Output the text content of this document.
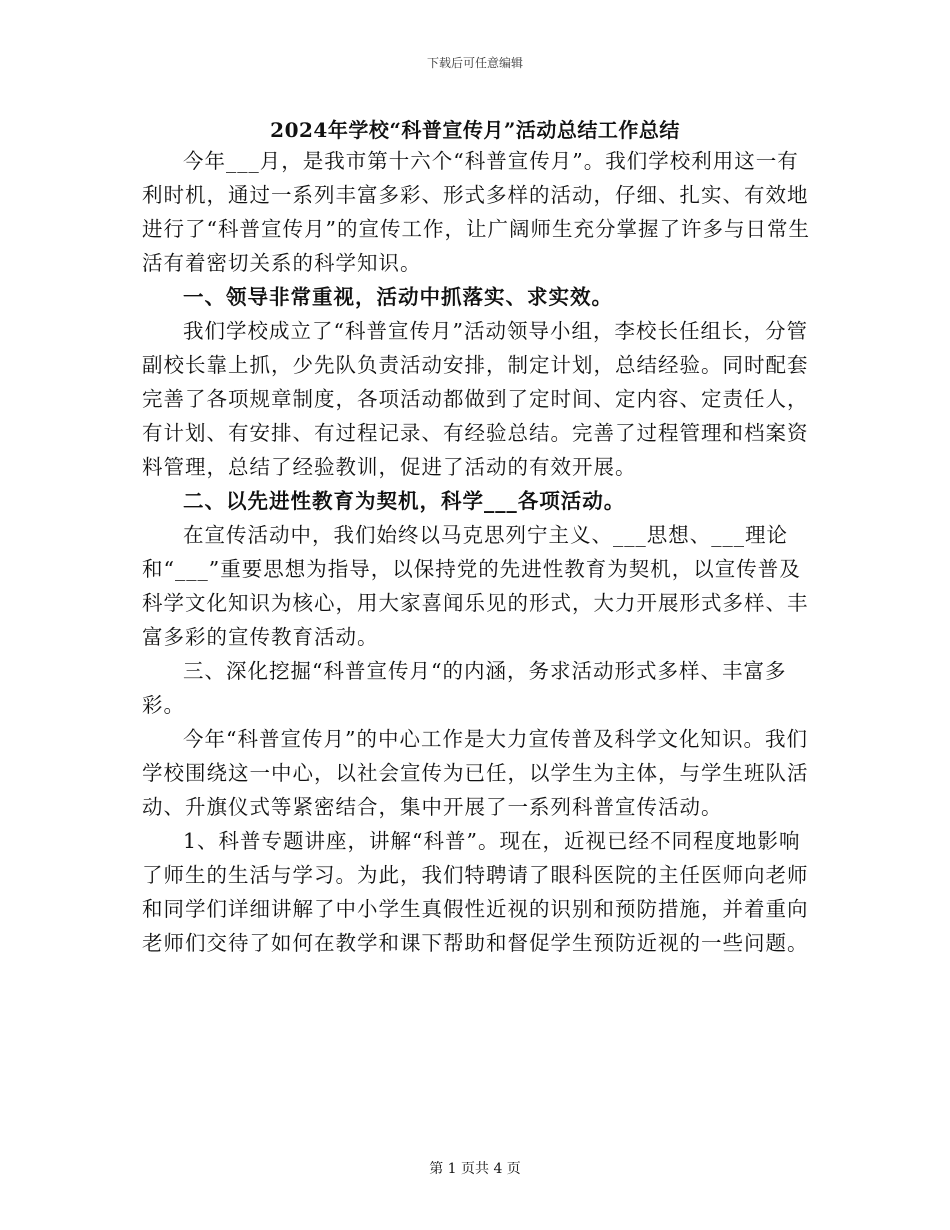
下载后可任意编辑
2024年学校“科普宣传月”活动总结工作总结

今年___月，是我市第十六个“科普宣传月”。我们学校利用这一有利时机，通过一系列丰富多彩、形式多样的活动，仔细、扎实、有效地进行了“科普宣传月”的宣传工作，让广阔师生充分掌握了许多与日常生活有着密切关系的科学知识。

一、领导非常重视，活动中抓落实、求实效。

我们学校成立了“科普宣传月”活动领导小组，李校长任组长，分管副校长靠上抓，少先队负责活动安排，制定计划，总结经验。同时配套完善了各项规章制度，各项活动都做到了定时间、定内容、定责任人，有计划、有安排、有过程记录、有经验总结。完善了过程管理和档案资料管理，总结了经验教训，促进了活动的有效开展。

二、以先进性教育为契机，科学___各项活动。

在宣传活动中，我们始终以马克思列宁主义、___思想、___理论和“___”重要思想为指导，以保持党的先进性教育为契机，以宣传普及科学文化知识为核心，用大家喜闻乐见的形式，大力开展形式多样、丰富多彩的宣传教育活动。

三、深化挖掘“科普宣传月“的内涵，务求活动形式多样、丰富多彩。

今年“科普宣传月”的中心工作是大力宣传普及科学文化知识。我们学校围绕这一中心，以社会宣传为已任，以学生为主体，与学生班队活动、升旗仪式等紧密结合，集中开展了一系列科普宣传活动。

1、科普专题讲座，讲解“科普”。现在，近视已经不同程度地影响了师生的生活与学习。为此，我们特聘请了眼科医院的主任医师向老师和同学们详细讲解了中小学生真假性近视的识别和预防措施，并着重向老师们交待了如何在教学和课下帮助和督促学生预防近视的一些问题。

第 1 页共 4 页
